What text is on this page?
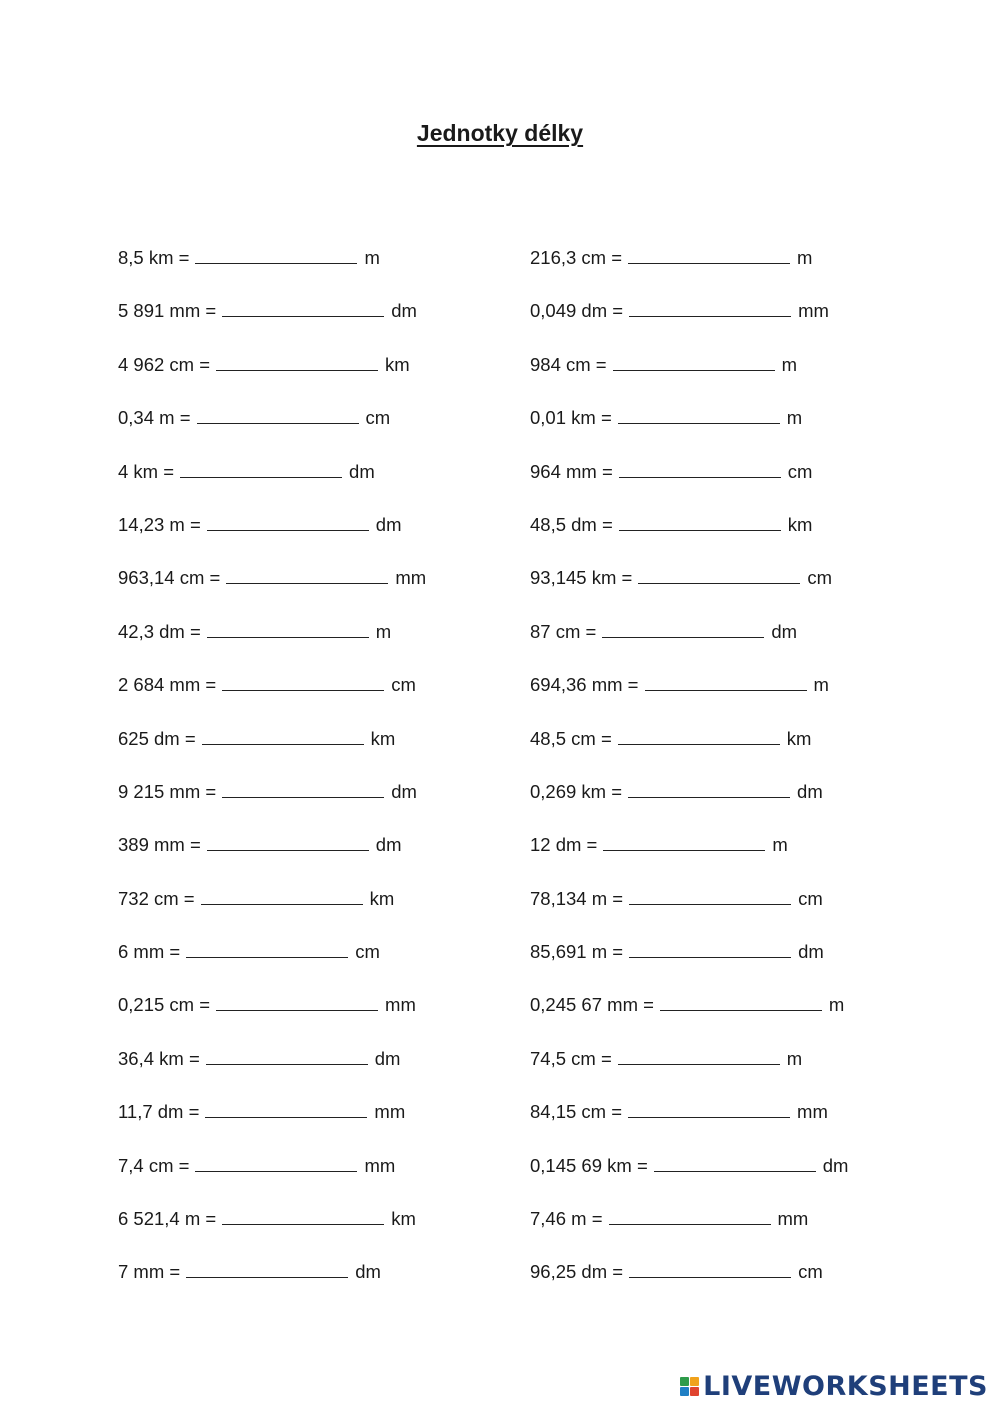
Jednotky délky
8,5 km =	m
5 891 mm =	dm
4 962 cm =	km
0,34 m =	cm
4 km =	dm
14,23 m =	dm
963,14 cm =	mm
42,3 dm =	m
2 684 mm =	cm
625 dm =	km
9 215 mm =	dm
389 mm =	dm
732 cm =	km
6 mm =	cm
0,215 cm =	mm
36,4 km =	dm
11,7 dm =	mm
7,4 cm =	mm
6 521,4 m =	km
7 mm =	dm
216,3 cm =	m
0,049 dm =	mm
984 cm =	m
0,01 km =	m
964 mm =	cm
48,5 dm =	km
93,145 km =	cm
87 cm =	dm
694,36 mm =	m
48,5 cm =	km
0,269 km =	dm
12 dm =	m
78,134 m =	cm
85,691 m =	dm
0,245 67 mm =	m
74,5 cm =	m
84,15 cm =	mm
0,145 69 km =	dm
7,46 m =	mm
96,25 dm =	cm
LIVEWORKSHEETS
